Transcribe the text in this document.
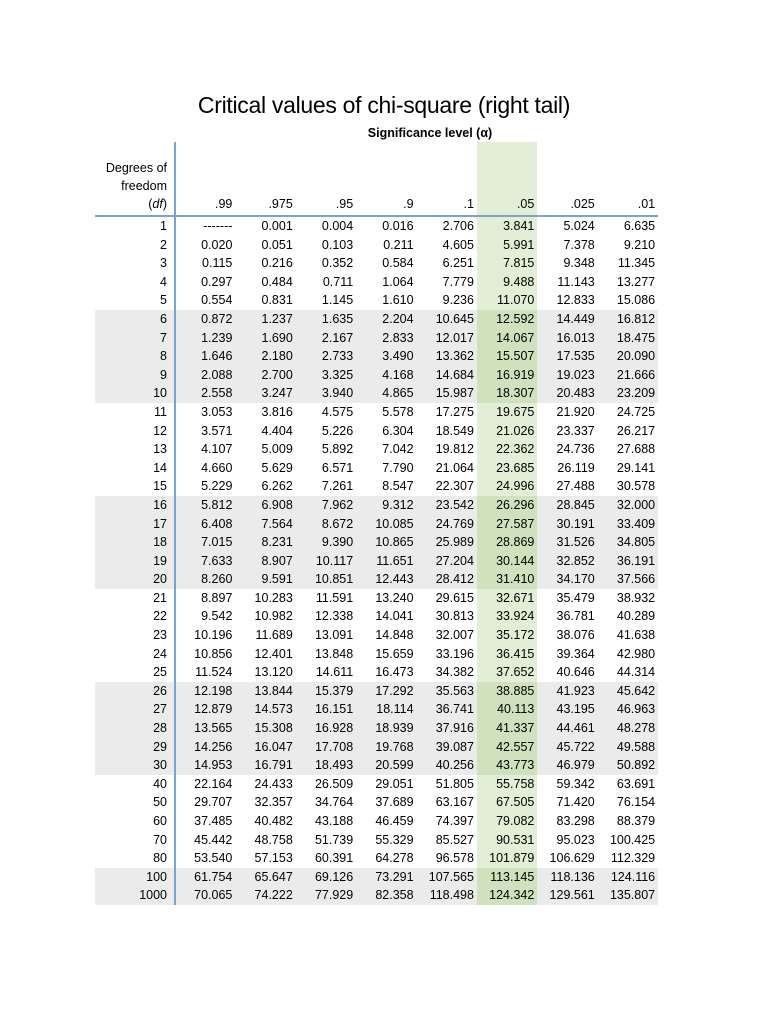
Critical values of chi-square (right tail)
Significance level (α)
Degrees of								
freedom
(df)	.99	.975	.95	.9	.1	.05	.025	.01
1	-------	0.001	0.004	0.016	2.706	3.841	5.024	6.635
2	0.020	0.051	0.103	0.211	4.605	5.991	7.378	9.210
3	0.115	0.216	0.352	0.584	6.251	7.815	9.348	11.345
4	0.297	0.484	0.711	1.064	7.779	9.488	11.143	13.277
5	0.554	0.831	1.145	1.610	9.236	11.070	12.833	15.086
6	0.872	1.237	1.635	2.204	10.645	12.592	14.449	16.812
7	1.239	1.690	2.167	2.833	12.017	14.067	16.013	18.475
8	1.646	2.180	2.733	3.490	13.362	15.507	17.535	20.090
9	2.088	2.700	3.325	4.168	14.684	16.919	19.023	21.666
10	2.558	3.247	3.940	4.865	15.987	18.307	20.483	23.209
11	3.053	3.816	4.575	5.578	17.275	19.675	21.920	24.725
12	3.571	4.404	5.226	6.304	18.549	21.026	23.337	26.217
13	4.107	5.009	5.892	7.042	19.812	22.362	24.736	27.688
14	4.660	5.629	6.571	7.790	21.064	23.685	26.119	29.141
15	5.229	6.262	7.261	8.547	22.307	24.996	27.488	30.578
16	5.812	6.908	7.962	9.312	23.542	26.296	28.845	32.000
17	6.408	7.564	8.672	10.085	24.769	27.587	30.191	33.409
18	7.015	8.231	9.390	10.865	25.989	28.869	31.526	34.805
19	7.633	8.907	10.117	11.651	27.204	30.144	32.852	36.191
20	8.260	9.591	10.851	12.443	28.412	31.410	34.170	37.566
21	8.897	10.283	11.591	13.240	29.615	32.671	35.479	38.932
22	9.542	10.982	12.338	14.041	30.813	33.924	36.781	40.289
23	10.196	11.689	13.091	14.848	32.007	35.172	38.076	41.638
24	10.856	12.401	13.848	15.659	33.196	36.415	39.364	42.980
25	11.524	13.120	14.611	16.473	34.382	37.652	40.646	44.314
26	12.198	13.844	15.379	17.292	35.563	38.885	41.923	45.642
27	12.879	14.573	16.151	18.114	36.741	40.113	43.195	46.963
28	13.565	15.308	16.928	18.939	37.916	41.337	44.461	48.278
29	14.256	16.047	17.708	19.768	39.087	42.557	45.722	49.588
30	14.953	16.791	18.493	20.599	40.256	43.773	46.979	50.892
40	22.164	24.433	26.509	29.051	51.805	55.758	59.342	63.691
50	29.707	32.357	34.764	37.689	63.167	67.505	71.420	76.154
60	37.485	40.482	43.188	46.459	74.397	79.082	83.298	88.379
70	45.442	48.758	51.739	55.329	85.527	90.531	95.023	100.425
80	53.540	57.153	60.391	64.278	96.578	101.879	106.629	112.329
100	61.754	65.647	69.126	73.291	107.565	113.145	118.136	124.116
1000	70.065	74.222	77.929	82.358	118.498	124.342	129.561	135.807
